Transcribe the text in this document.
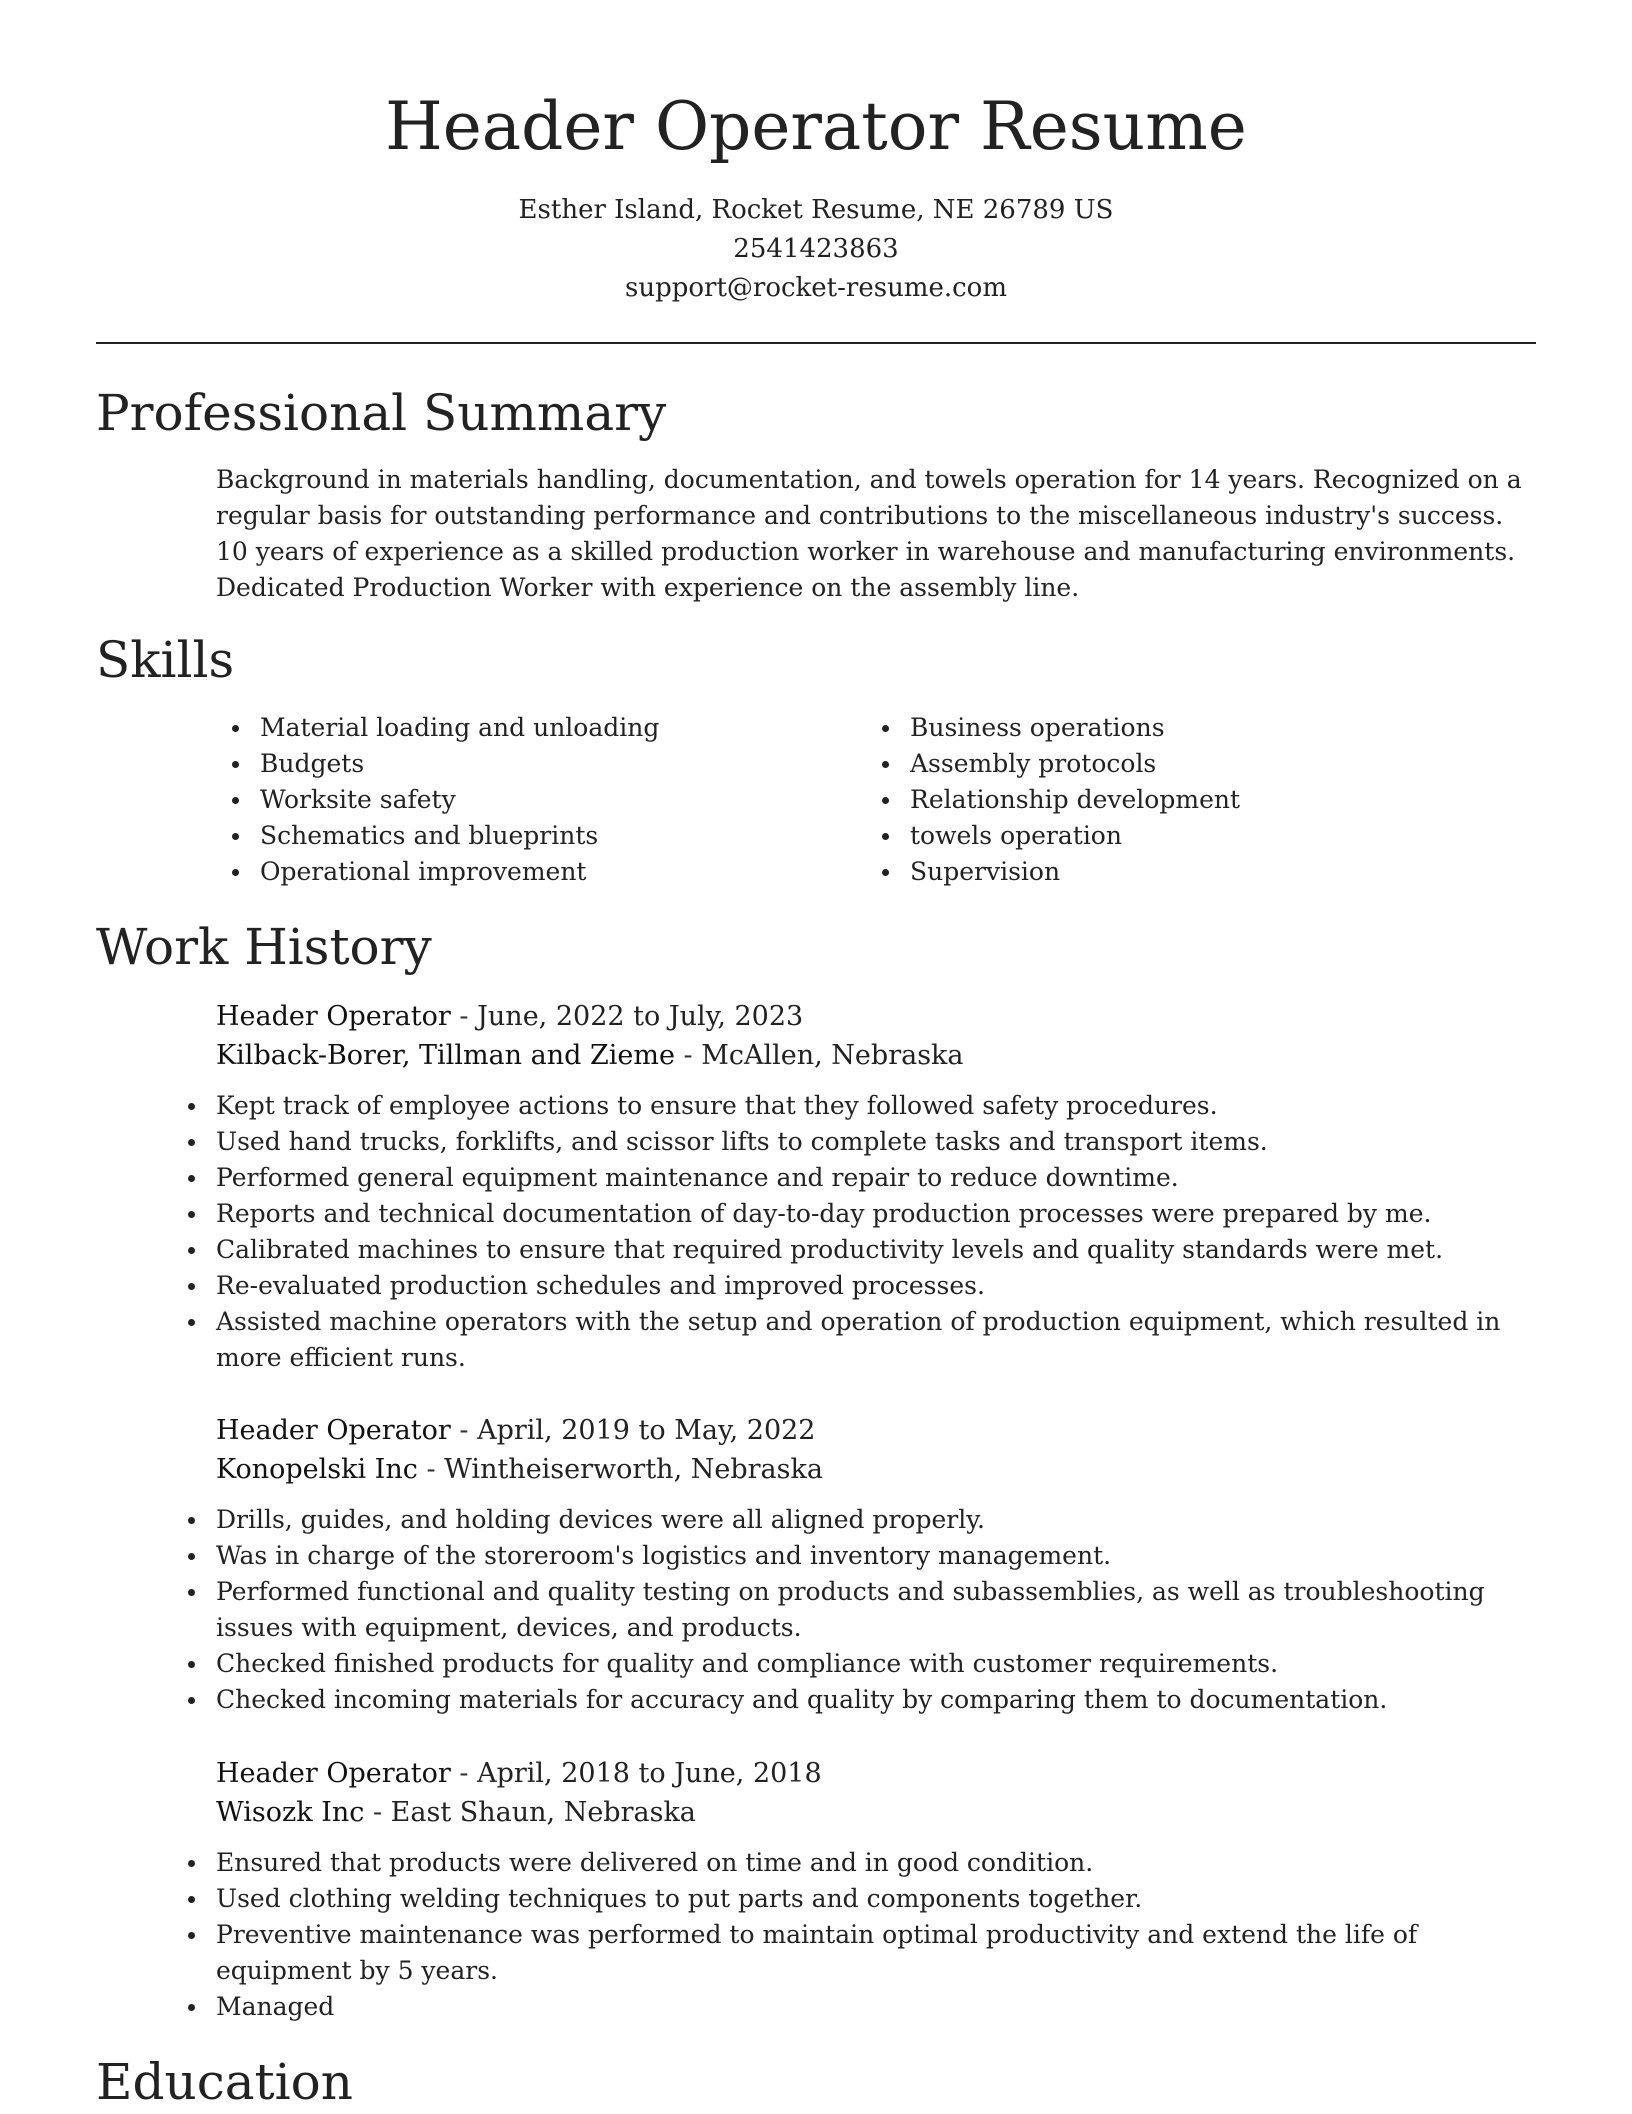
Header Operator Resume
Esther Island, Rocket Resume, NE 26789 US
2541423863
support@rocket-resume.com
Professional Summary

Background in materials handling, documentation, and towels operation for 14 years. Recognized on a regular basis for outstanding performance and contributions to the miscellaneous industry's success. 10 years of experience as a skilled production worker in warehouse and manufacturing environments. Dedicated Production Worker with experience on the assembly line.

Skills
Material loading and unloading
Budgets
Worksite safety
Schematics and blueprints
Operational improvement
Business operations
Assembly protocols
Relationship development
towels operation
Supervision
Work History
Header Operator - June, 2022 to July, 2023
Kilback-Borer, Tillman and Zieme - McAllen, Nebraska
Kept track of employee actions to ensure that they followed safety procedures.
Used hand trucks, forklifts, and scissor lifts to complete tasks and transport items.
Performed general equipment maintenance and repair to reduce downtime.
Reports and technical documentation of day-to-day production processes were prepared by me.
Calibrated machines to ensure that required productivity levels and quality standards were met.
Re-evaluated production schedules and improved processes.
Assisted machine operators with the setup and operation of production equipment, which resulted in more efficient runs.
Header Operator - April, 2019 to May, 2022
Konopelski Inc - Wintheiserworth, Nebraska
Drills, guides, and holding devices were all aligned properly.
Was in charge of the storeroom's logistics and inventory management.
Performed functional and quality testing on products and subassemblies, as well as troubleshooting issues with equipment, devices, and products.
Checked finished products for quality and compliance with customer requirements.
Checked incoming materials for accuracy and quality by comparing them to documentation.
Header Operator - April, 2018 to June, 2018
Wisozk Inc - East Shaun, Nebraska
Ensured that products were delivered on time and in good condition.
Used clothing welding techniques to put parts and components together.
Preventive maintenance was performed to maintain optimal productivity and extend the life of equipment by 5 years.
Managed
Education
